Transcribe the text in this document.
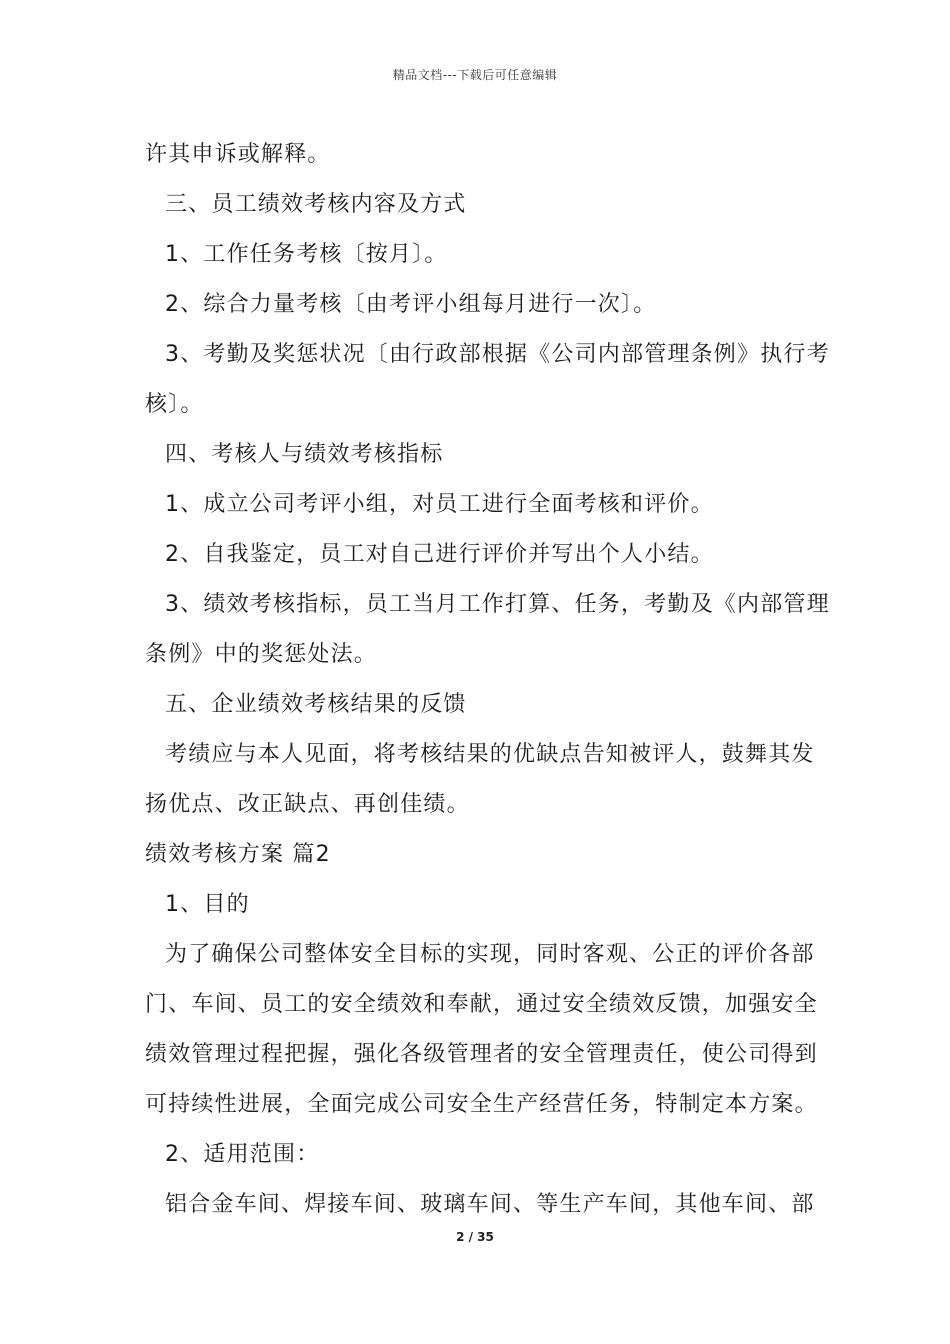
精品文档---下载后可任意编辑
许其申诉或解释。
三、员工绩效考核内容及方式
1、工作任务考核〔按月〕。
2、综合力量考核〔由考评小组每月进行一次〕。
3、考勤及奖惩状况〔由行政部根据《公司内部管理条例》执行考
核〕。
四、考核人与绩效考核指标
1、成立公司考评小组，对员工进行全面考核和评价。
2、自我鉴定，员工对自己进行评价并写出个人小结。
3、绩效考核指标，员工当月工作打算、任务，考勤及《内部管理
条例》中的奖惩处法。
五、企业绩效考核结果的反馈
考绩应与本人见面，将考核结果的优缺点告知被评人，鼓舞其发
扬优点、改正缺点、再创佳绩。
绩效考核方案 篇2
1、目的
为了确保公司整体安全目标的实现，同时客观、公正的评价各部
门、车间、员工的安全绩效和奉献，通过安全绩效反馈，加强安全
绩效管理过程把握，强化各级管理者的安全管理责任，使公司得到
可持续性进展，全面完成公司安全生产经营任务，特制定本方案。
2、适用范围：
铝合金车间、焊接车间、玻璃车间、等生产车间，其他车间、部
2 / 35
